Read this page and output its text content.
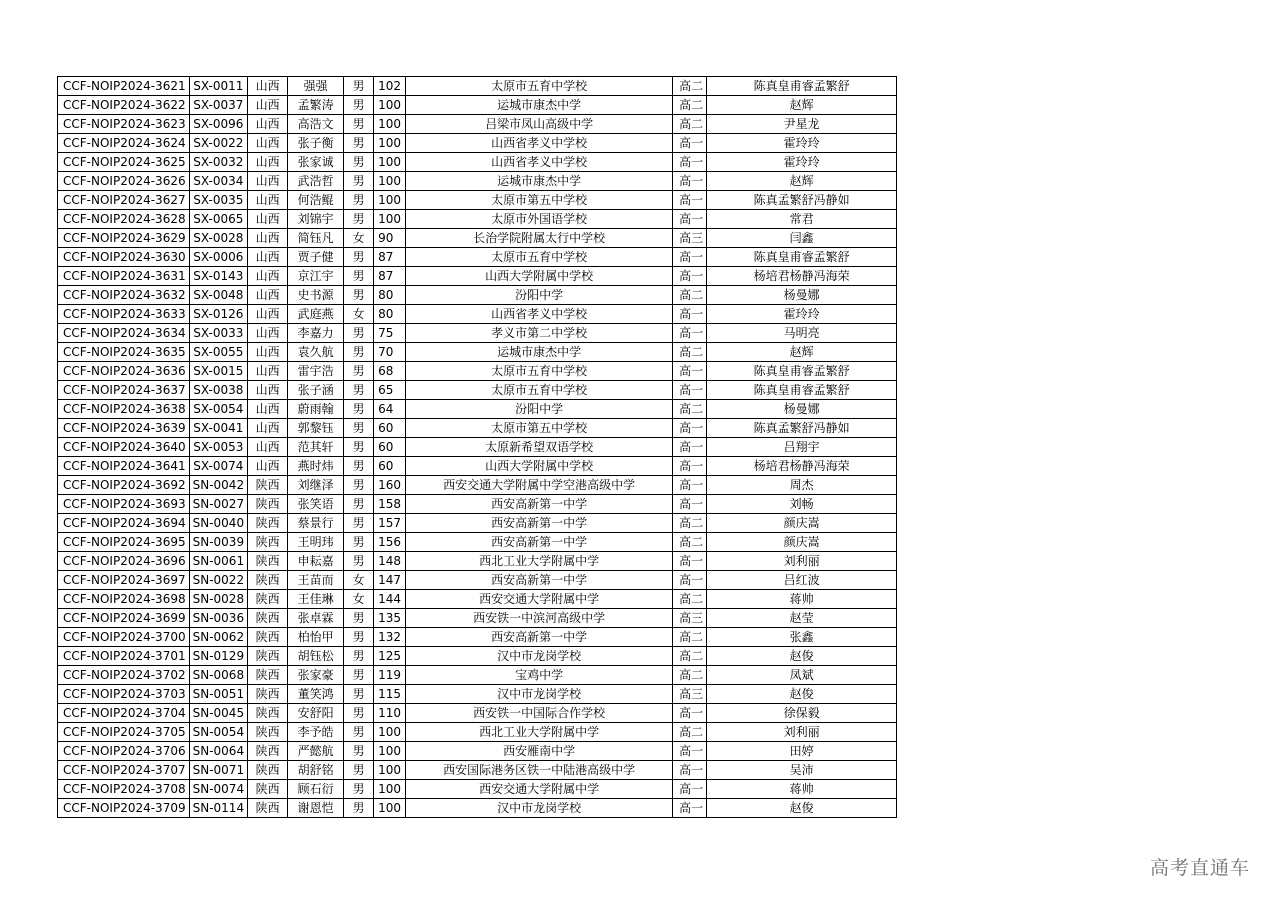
CCF-NOIP2024-3621	SX-0011	山西	强强	男	102	太原市五育中学校	高二	陈真皇甫睿孟繁舒
CCF-NOIP2024-3622	SX-0037	山西	孟繁涛	男	100	运城市康杰中学	高二	赵辉
CCF-NOIP2024-3623	SX-0096	山西	高浩文	男	100	吕梁市凤山高级中学	高二	尹星龙
CCF-NOIP2024-3624	SX-0022	山西	张子衡	男	100	山西省孝义中学校	高一	霍玲玲
CCF-NOIP2024-3625	SX-0032	山西	张家诚	男	100	山西省孝义中学校	高一	霍玲玲
CCF-NOIP2024-3626	SX-0034	山西	武浩哲	男	100	运城市康杰中学	高一	赵辉
CCF-NOIP2024-3627	SX-0035	山西	何浩鲲	男	100	太原市第五中学校	高一	陈真孟繁舒冯静如
CCF-NOIP2024-3628	SX-0065	山西	刘锦宇	男	100	太原市外国语学校	高一	常君
CCF-NOIP2024-3629	SX-0028	山西	简钰凡	女	90	长治学院附属太行中学校	高三	闫鑫
CCF-NOIP2024-3630	SX-0006	山西	贾子健	男	87	太原市五育中学校	高一	陈真皇甫睿孟繁舒
CCF-NOIP2024-3631	SX-0143	山西	京江宇	男	87	山西大学附属中学校	高一	杨培君杨静冯海荣
CCF-NOIP2024-3632	SX-0048	山西	史书源	男	80	汾阳中学	高二	杨曼娜
CCF-NOIP2024-3633	SX-0126	山西	武庭燕	女	80	山西省孝义中学校	高一	霍玲玲
CCF-NOIP2024-3634	SX-0033	山西	李嘉力	男	75	孝义市第二中学校	高一	马明亮
CCF-NOIP2024-3635	SX-0055	山西	袁久航	男	70	运城市康杰中学	高二	赵辉
CCF-NOIP2024-3636	SX-0015	山西	雷宇浩	男	68	太原市五育中学校	高一	陈真皇甫睿孟繁舒
CCF-NOIP2024-3637	SX-0038	山西	张子涵	男	65	太原市五育中学校	高一	陈真皇甫睿孟繁舒
CCF-NOIP2024-3638	SX-0054	山西	蔚雨翰	男	64	汾阳中学	高二	杨曼娜
CCF-NOIP2024-3639	SX-0041	山西	郭黎钰	男	60	太原市第五中学校	高一	陈真孟繁舒冯静如
CCF-NOIP2024-3640	SX-0053	山西	范其轩	男	60	太原新希望双语学校	高一	吕翔宇
CCF-NOIP2024-3641	SX-0074	山西	燕时炜	男	60	山西大学附属中学校	高一	杨培君杨静冯海荣
CCF-NOIP2024-3692	SN-0042	陕西	刘继泽	男	160	西安交通大学附属中学空港高级中学	高一	周杰
CCF-NOIP2024-3693	SN-0027	陕西	张笑语	男	158	西安高新第一中学	高一	刘畅
CCF-NOIP2024-3694	SN-0040	陕西	蔡景行	男	157	西安高新第一中学	高二	颜庆嵩
CCF-NOIP2024-3695	SN-0039	陕西	王明玮	男	156	西安高新第一中学	高二	颜庆嵩
CCF-NOIP2024-3696	SN-0061	陕西	申耘嘉	男	148	西北工业大学附属中学	高一	刘利丽
CCF-NOIP2024-3697	SN-0022	陕西	王苗而	女	147	西安高新第一中学	高一	吕红波
CCF-NOIP2024-3698	SN-0028	陕西	王佳琳	女	144	西安交通大学附属中学	高二	蒋帅
CCF-NOIP2024-3699	SN-0036	陕西	张卓霖	男	135	西安铁一中滨河高级中学	高三	赵莹
CCF-NOIP2024-3700	SN-0062	陕西	柏怡甲	男	132	西安高新第一中学	高二	张鑫
CCF-NOIP2024-3701	SN-0129	陕西	胡钰松	男	125	汉中市龙岗学校	高二	赵俊
CCF-NOIP2024-3702	SN-0068	陕西	张家豪	男	119	宝鸡中学	高二	凤斌
CCF-NOIP2024-3703	SN-0051	陕西	董笑鸿	男	115	汉中市龙岗学校	高三	赵俊
CCF-NOIP2024-3704	SN-0045	陕西	安舒阳	男	110	西安铁一中国际合作学校	高一	徐保毅
CCF-NOIP2024-3705	SN-0054	陕西	李予皓	男	100	西北工业大学附属中学	高二	刘利丽
CCF-NOIP2024-3706	SN-0064	陕西	严懿航	男	100	西安雁南中学	高一	田婷
CCF-NOIP2024-3707	SN-0071	陕西	胡舒铭	男	100	西安国际港务区铁一中陆港高级中学	高一	吴沛
CCF-NOIP2024-3708	SN-0074	陕西	顾石衍	男	100	西安交通大学附属中学	高一	蒋帅
CCF-NOIP2024-3709	SN-0114	陕西	谢恩恺	男	100	汉中市龙岗学校	高一	赵俊
高考直通车
